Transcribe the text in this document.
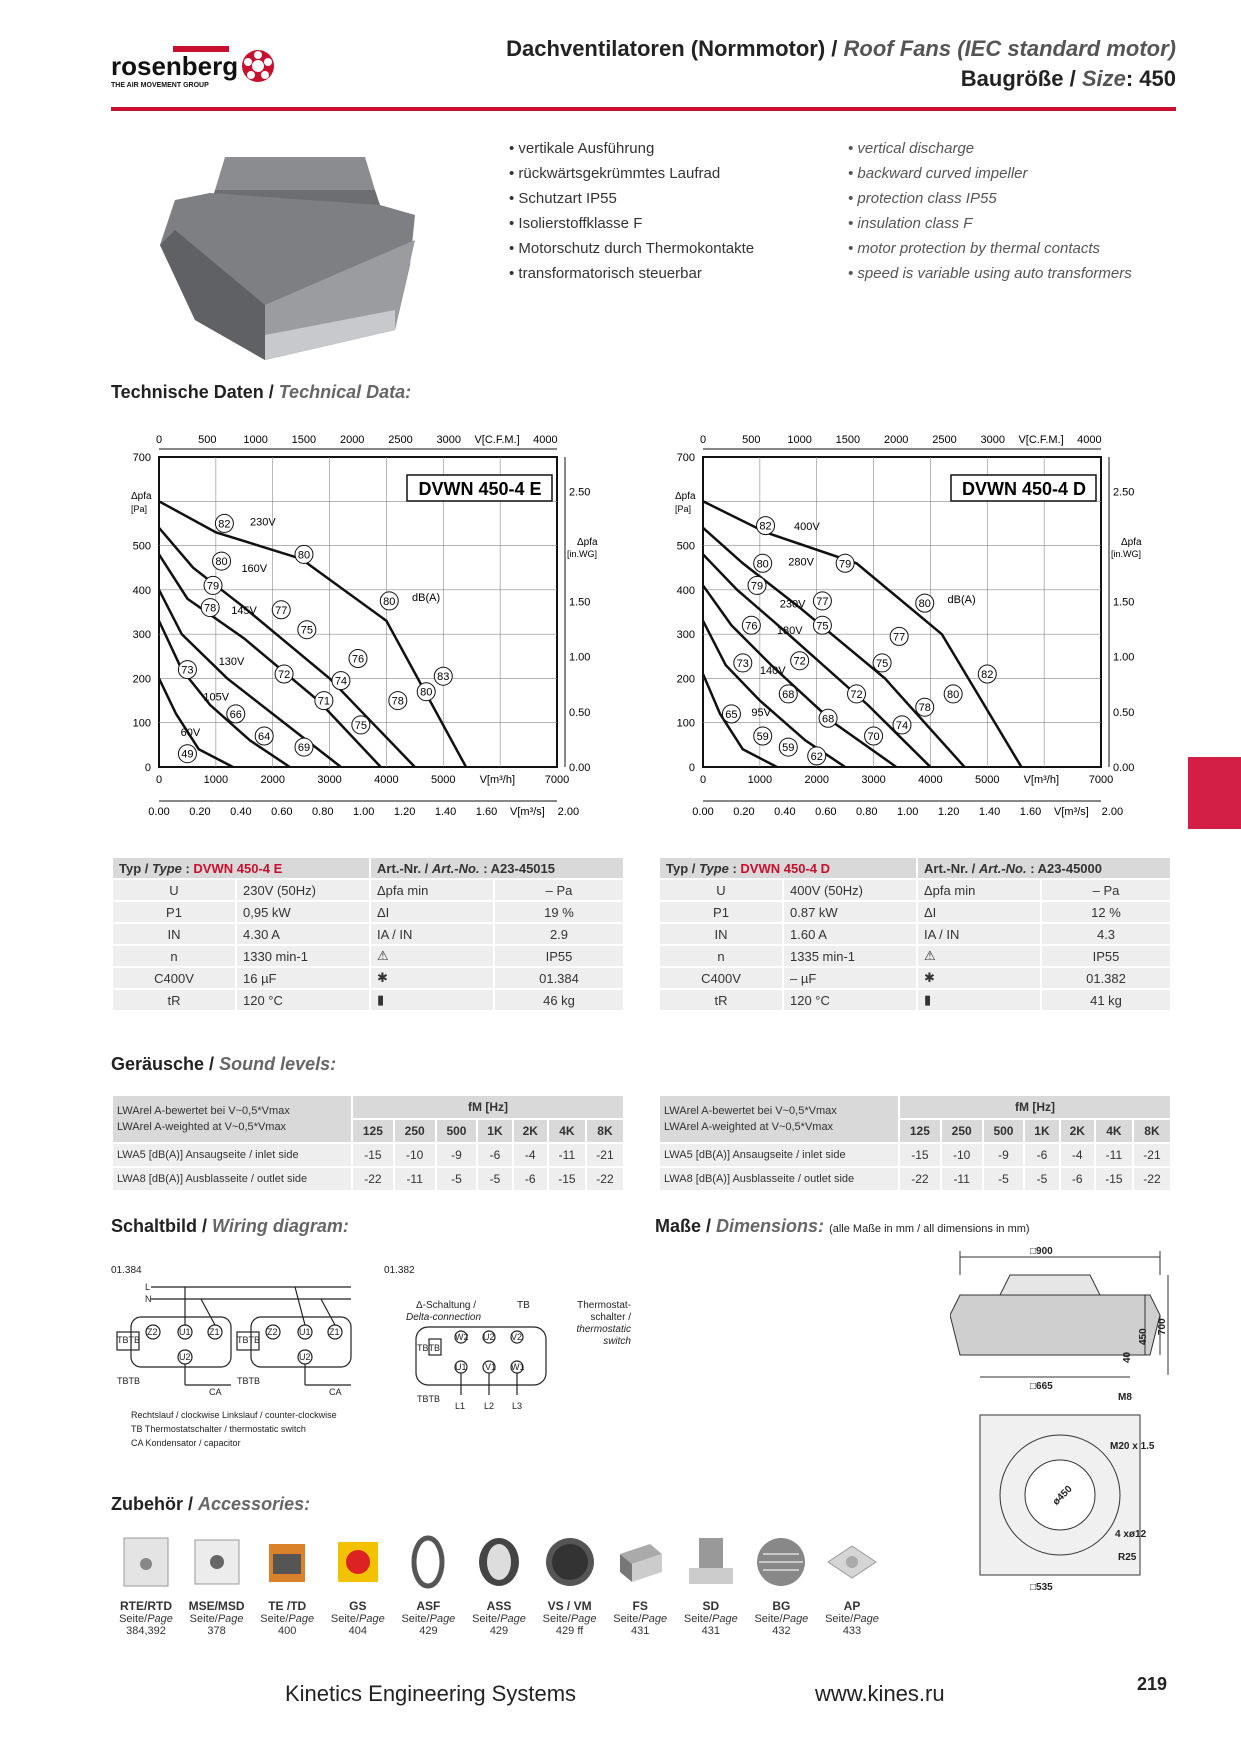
rosenberg
THE AIR MOVEMENT GROUP
Dachventilatoren (Normmotor) / Roof Fans (IEC standard motor)
Baugröße / Size: 450
• vertikale Ausführung
• rückwärtsgekrümmtes Laufrad
• Schutzart IP55
• Isolierstoffklasse F
• Motorschutz durch Thermokontakte
• transformatorisch steuerbar
• vertical discharge
• backward curved impeller
• protection class IP55
• insulation class F
• motor protection by thermal contacts
• speed is variable using auto transformers
Technische Daten / Technical Data:
0
100
200
300
400
500
700
0	1000	2000	3000	4000	5000	7000
V[m³/h]
0	500 1000 1500 2000 2500 3000	4000
V[C.F.M.]
0.00 0.20 0.40 0.60 0.80 1.00 1.20 1.40 1.60	2.00
V[m³/s]
0.00
0.50
1.00
1.50
2.50
Δpfa
[in.WG]
Δpfa
[Pa]
230V
160V
145V
130V
105V
60V
dB(A)
82
80
79
78
73
49
66
64
69
72
75
77
80
74
76
71
80
78
75
80
83
DVWN 450-4 E
0
100
200
300
400
500
700
0	1000	2000	3000	4000	5000	7000
V[m³/h]
0	500 1000 1500 2000 2500 3000	4000
V[C.F.M.]
0.00 0.20 0.40 0.60 0.80 1.00 1.20 1.40 1.60	2.00
V[m³/s]
0.00
0.50
1.00
1.50
2.50
Δpfa
[in.WG]
Δpfa
[Pa]
400V
280V
230V
180V
140V
95V
dB(A)
82
80
79
76
73
65
59
59
62
68
72
77
75
79
68
72
70
77
75
74
78
80
80
82
DVWN 450-4 D
Typ / Type : DVWN 450-4 E		Art.-Nr. / Art.-No. : A23-45015	
U	230V (50Hz)	Δpfa min	– Pa
P1	0,95 kW	ΔI	19 %
IN	4.30 A	IA / IN	2.9
n	1330 min-1	⚠	IP55
C400V	16 µF	✱	01.384
tR	120 °C	▮	46 kg
Typ / Type : DVWN 450-4 D		Art.-Nr. / Art.-No. : A23-45000	
U	400V (50Hz)	Δpfa min	– Pa
P1	0.87 kW	ΔI	12 %
IN	1.60 A	IA / IN	4.3
n	1335 min-1	⚠	IP55
C400V	– µF	✱	01.382
tR	120 °C	▮	41 kg
Geräusche / Sound levels:
LWArel A-bewertet bei V~0,5*Vmax
LWArel A-weighted at V~0,5*Vmax	fM [Hz]						
	125	250	500	1K	2K	4K	8K
LWA5 [dB(A)] Ansaugseite / inlet side	-15	-10	-9	-6	-4	-11	-21
LWA8 [dB(A)] Ausblasseite / outlet side	-22	-11	-5	-5	-6	-15	-22
LWArel A-bewertet bei V~0,5*Vmax
LWArel A-weighted at V~0,5*Vmax	fM [Hz]						
	125	250	500	1K	2K	4K	8K
LWA5 [dB(A)] Ansaugseite / inlet side	-15	-10	-9	-6	-4	-11	-21
LWA8 [dB(A)] Ausblasseite / outlet side	-22	-11	-5	-5	-6	-15	-22
Schaltbild / Wiring diagram:
01.384	01.382
L
N
Z2 U1 Z1
U2
Z2 U1 Z1
U2
TBTB	TBTB
TBTB	TBTB
CA	CA
W2 U2 V2
U1 V1 W1
TBTB
TBTB
L1 L2 L3
Δ-Schaltung /
Delta-connection
TB	Thermostat-schalter /
thermostatic switch
Rechtslauf / clockwise Linkslauf / counter-clockwise
TB Thermostatschalter / thermostatic switch
CA Kondensator / capacitor
Maße / Dimensions: (alle Maße in mm / all dimensions in mm)
□900
□665
450
700
40
M8
M20 x 1.5
4 xø12
R25
□535
ø450
Zubehör / Accessories:
RTE/RTD
Seite/Page
384,392
MSE/MSD
Seite/Page
378
TE /TD
Seite/Page
400
GS
Seite/Page
404
ASF
Seite/Page
429
ASS
Seite/Page
429
VS / VM
Seite/Page
429 ff
FS
Seite/Page
431
SD
Seite/Page
431
BG
Seite/Page
432
AP
Seite/Page
433
Kinetics Engineering Systems	www.kines.ru	219
